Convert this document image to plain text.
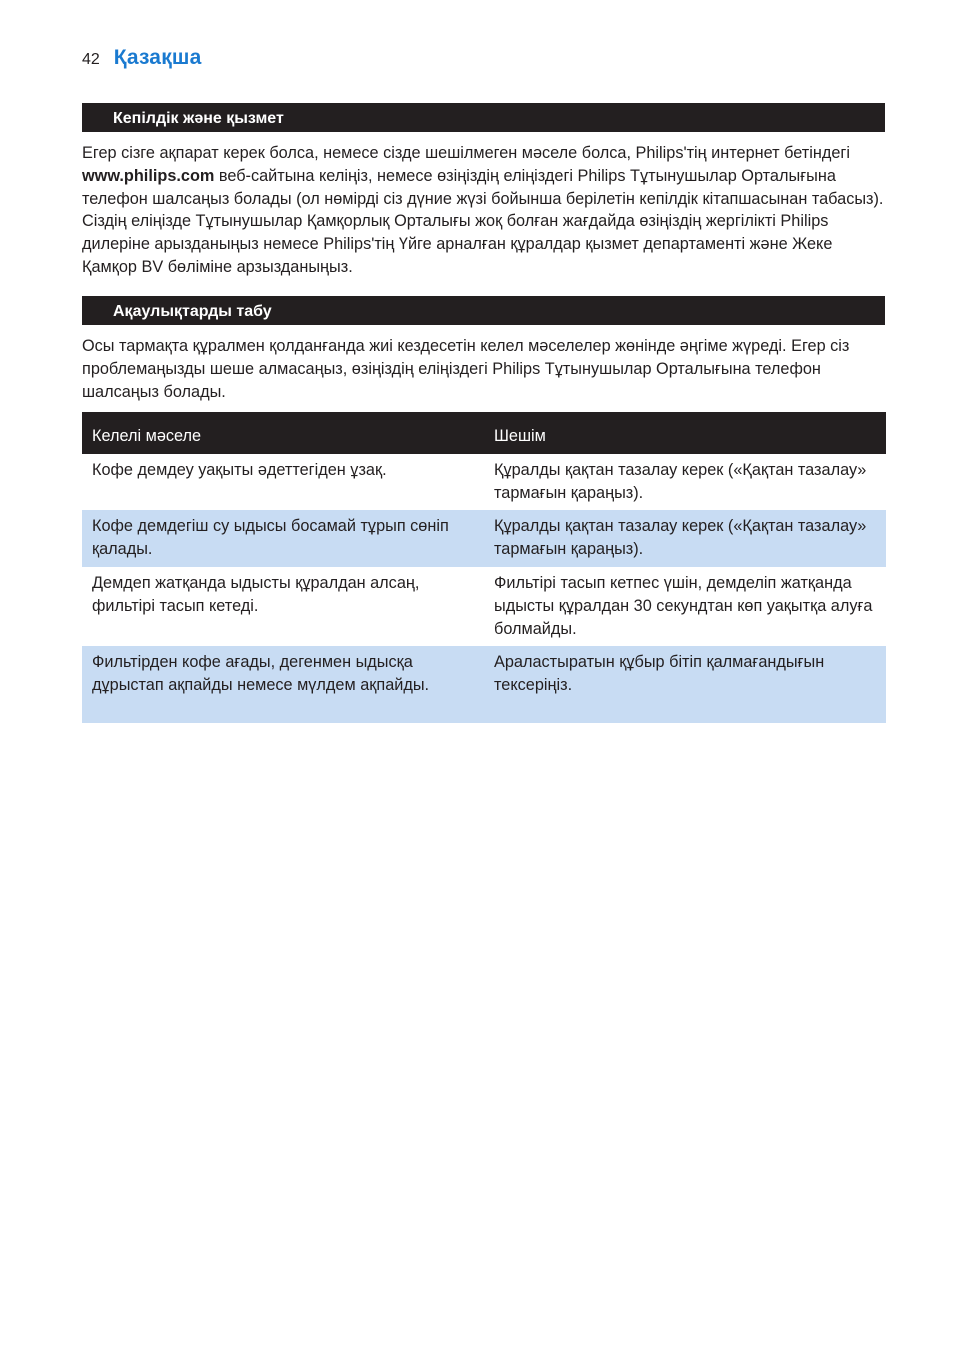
42 Қазақша
Кепілдік және қызмет

Егер сізге ақпарат керек болса, немесе сізде шешілмеген мәселе болса, Philips'тің интернет бетіндегі www.philips.com веб-сайтына келіңіз, немесе өзіңіздің еліңіздегі Philips Тұтынушылар Орталығына телефон шалсаңыз болады (ол нөмірді сіз дүние жүзі бойынша берілетін кепілдік кітапшасынан табасыз). Сіздің еліңізде Тұтынушылар Қамқорлық Орталығы жоқ болған жағдайда өзіңіздің жергілікті Philips дилеріне арызданыңыз немесе Philips'тің Үйге арналған құралдар қызмет департаменті және Жеке Қамқор BV бөліміне арзызданыңыз.

Ақаулықтарды табу

Осы тармақта құралмен қолданғанда жиі кездесетін келел мәселелер жөнінде әңгіме жүреді. Егер сіз проблемаңызды шеше алмасаңыз, өзіңіздің еліңіздегі Philips Тұтынушылар Орталығына телефон шалсаңыз болады.

Келелі мәселе	Шешім
Кофе демдеу уақыты әдеттегіден ұзақ.	Құралды қақтан тазалау керек («Қақтан тазалау» тармағын қараңыз).
Кофе демдегіш су ыдысы босамай тұрып сөніп қалады.	Құралды қақтан тазалау керек («Қақтан тазалау» тармағын қараңыз).
Демдеп жатқанда ыдысты құралдан алсаң, фильтірі тасып кетеді.	Фильтірі тасып кетпес үшін, демделіп жатқанда ыдысты құралдан 30 секундтан көп уақытқа алуға болмайды.
Фильтірден кофе ағады, дегенмен ыдысқа дұрыстап ақпайды немесе мүлдем ақпайды.	Араластыратын құбыр бітіп қалмағандығын тексеріңіз.
